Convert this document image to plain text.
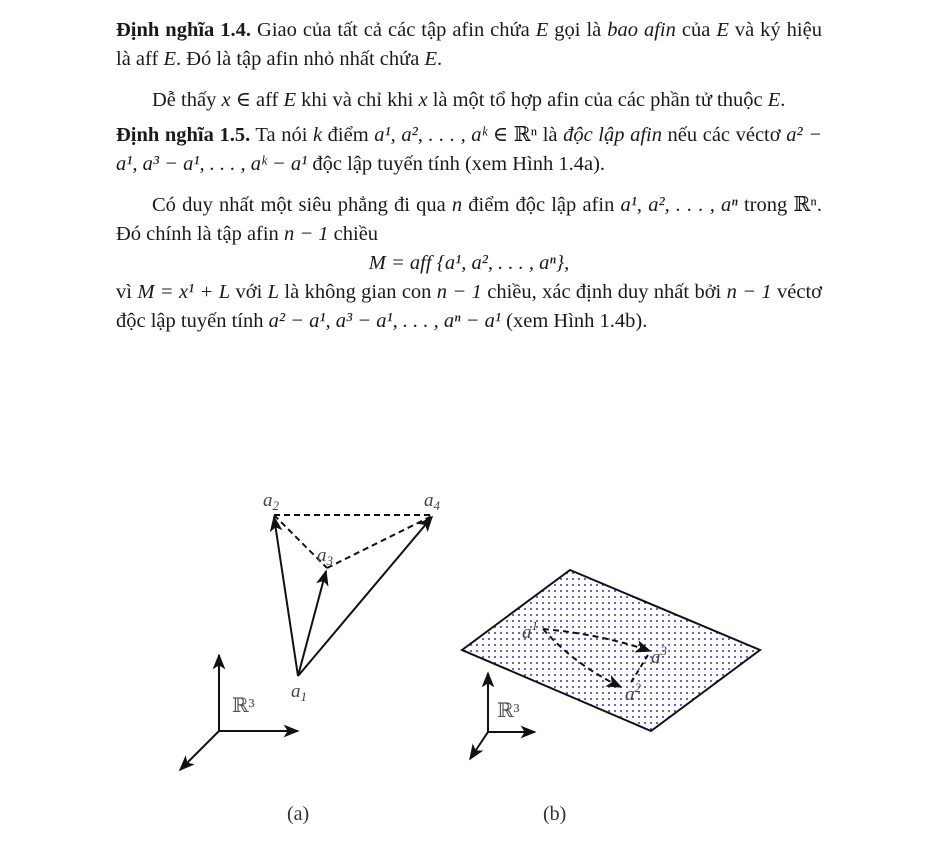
Định nghĩa 1.4. Giao của tất cả các tập afin chứa E gọi là bao afin của E và ký hiệu là aff E. Đó là tập afin nhỏ nhất chứa E.

Dễ thấy x ∈ aff E khi và chỉ khi x là một tổ hợp afin của các phần tử thuộc E.

Định nghĩa 1.5. Ta nói k điểm a¹, a², . . . , aᵏ ∈ ℝⁿ là độc lập afin nếu các véctơ a² − a¹, a³ − a¹, . . . , aᵏ − a¹ độc lập tuyến tính (xem Hình 1.4a).

Có duy nhất một siêu phẳng đi qua n điểm độc lập afin a¹, a², . . . , aⁿ trong ℝⁿ. Đó chính là tập afin n − 1 chiều

M = aff {a¹, a², . . . , aⁿ},

vì M = x¹ + L với L là không gian con n − 1 chiều, xác định duy nhất bởi n − 1 véctơ độc lập tuyến tính a² − a¹, a³ − a¹, . . . , aⁿ − a¹ (xem Hình 1.4b).

ℝ³
$a_1$
$a_2$
$a_3$
$a_4$
(a)
ℝ³
$a^1$
$a^2$
$a^3$
(b)
